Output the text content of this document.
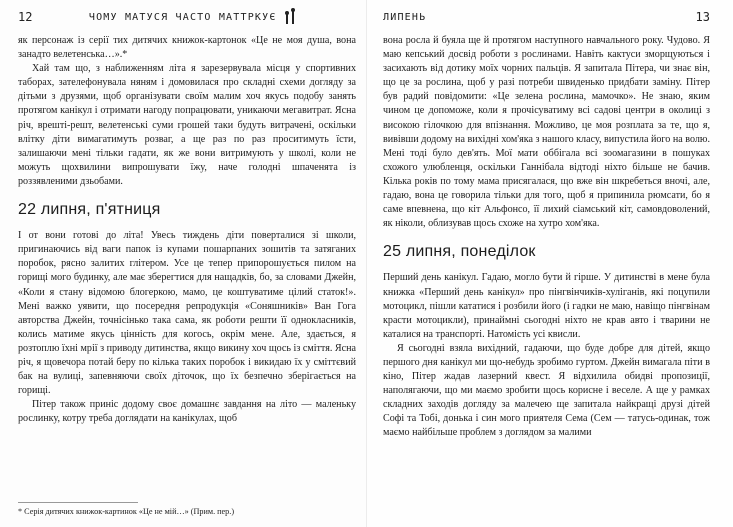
12	ЧОМУ МАТУСЯ ЧАСТО МАТТРКУЄ

як персонаж із серії тих дитячих книжок-картонок «Це не моя душа, вона занадто велетенська…».*

Хай там що, з наближенням літа я зарезервувала місця у спортивних таборах, зателефонувала няням і домовилася про складні схеми догляду за дітьми з друзями, щоб організувати своїм малим хоч якусь подобу занять протягом канікул і отримати нагоду попрацювати, уникаючи мегавитрат. Ясна річ, врешті-решт, велетенські суми грошей таки будуть витрачені, оскільки влітку діти вимагатимуть розваг, а ще раз по раз проситимуть їсти, залишаючи мені тільки гадати, як же вони витримують у школі, коли не можуть щохвилини випрошувати їжу, наче голодні шпаченята із роззявленими дзьобами.

22 липня, п'ятниця

І от вони готові до літа! Увесь тиждень діти поверталися зі школи, пригинаючись від ваги папок із купами пошарпаних зошитів та затяганих поробок, рясно залитих глітером. Усе це тепер припорошується пилом на горищі мого будинку, але має зберегтися для нащадків, бо, за словами Джейн, «Коли я стану відомою блогеркою, мамо, це коштуватиме цілий статок!». Мені важко уявити, що посередня репродукція «Соняшників» Ван Гога авторства Джейн, точнісінько така сама, як роботи решти її однокласників, колись матиме якусь цінність для когось, окрім мене. Але, здається, я розтоплю їхні мрії з приводу дитинства, якщо викину хоч щось із сміття. Ясна річ, я щовечора потай беру по кілька таких поробок і викидаю їх у сміттєвий бак на вулиці, запевняючи своїх діточок, що їх безпечно зберігається на горищі.

Пітер також приніс додому своє домашнє завдання на літо — маленьку рослинку, котру треба доглядати на канікулах, щоб

* Серія дитячих книжок-картинок «Це не мій…» (Прим. пер.)
ЛИПЕНЬ	13

вона росла й буяла ще й протягом наступного навчального року. Чудово. Я маю кепський досвід роботи з рослинами. Навіть кактуси зморщуються і засихають від дотику моїх чорних пальців. Я запитала Пітера, чи знає він, що це за рослина, щоб у разі потреби швиденько придбати заміну. Пітер був радий повідомити: «Це зелена рослина, мамочко». Не знаю, яким чином це допоможе, коли я прочісуватиму всі садові центри в околиці з високою гілочкою для впізнання. Можливо, це моя розплата за те, що я, вивівши додому на вихідні хом'яка з нашого класу, випустила його на волю. Мені тоді було дев'ять. Мої мати оббігала всі зоомагазини в пошуках схожого улюбленця, оскільки Ганнібала відтоді ніхто більше не бачив. Кілька років по тому мама присягалася, що вже він шкребеться вночі, але, гадаю, вона це говорила тільки для того, щоб я припинила рюмсати, бо я саме впевнена, що кіт Альфонсо, її лихий сіамський кіт, самовдоволений, як ніколи, облизував щось схоже на хутро хом'яка.

25 липня, понеділок

Перший день канікул. Гадаю, могло бути й гірше. У дитинстві в мене була книжка «Перший день канікул» про пінгвінчиків-хуліганів, які поцупили мотоцикл, пішли кататися і розбили його (і гадки не маю, навіщо пінгвінам красти мотоцикли), принаймні сьогодні ніхто не крав авто і тварини не каталися на транспорті. Натомість усі квисли.

Я сьогодні взяла вихідний, гадаючи, що буде добре для дітей, якщо першого дня канікул ми що-небудь зробимо гуртом. Джейн вимагала піти в кіно, Пітер жадав лазерний квест. Я відхилила обидві пропозиції, наполягаючи, що ми маємо зробити щось корисне і веселе. А ще у рамках складних заходів догляду за малечею ще запитала найкращі друзі дітей Софі та Тобі, донька і син мого приятеля Сема (Сем — татусь-одинак, тож маємо найбільше проблем з доглядом за малими
